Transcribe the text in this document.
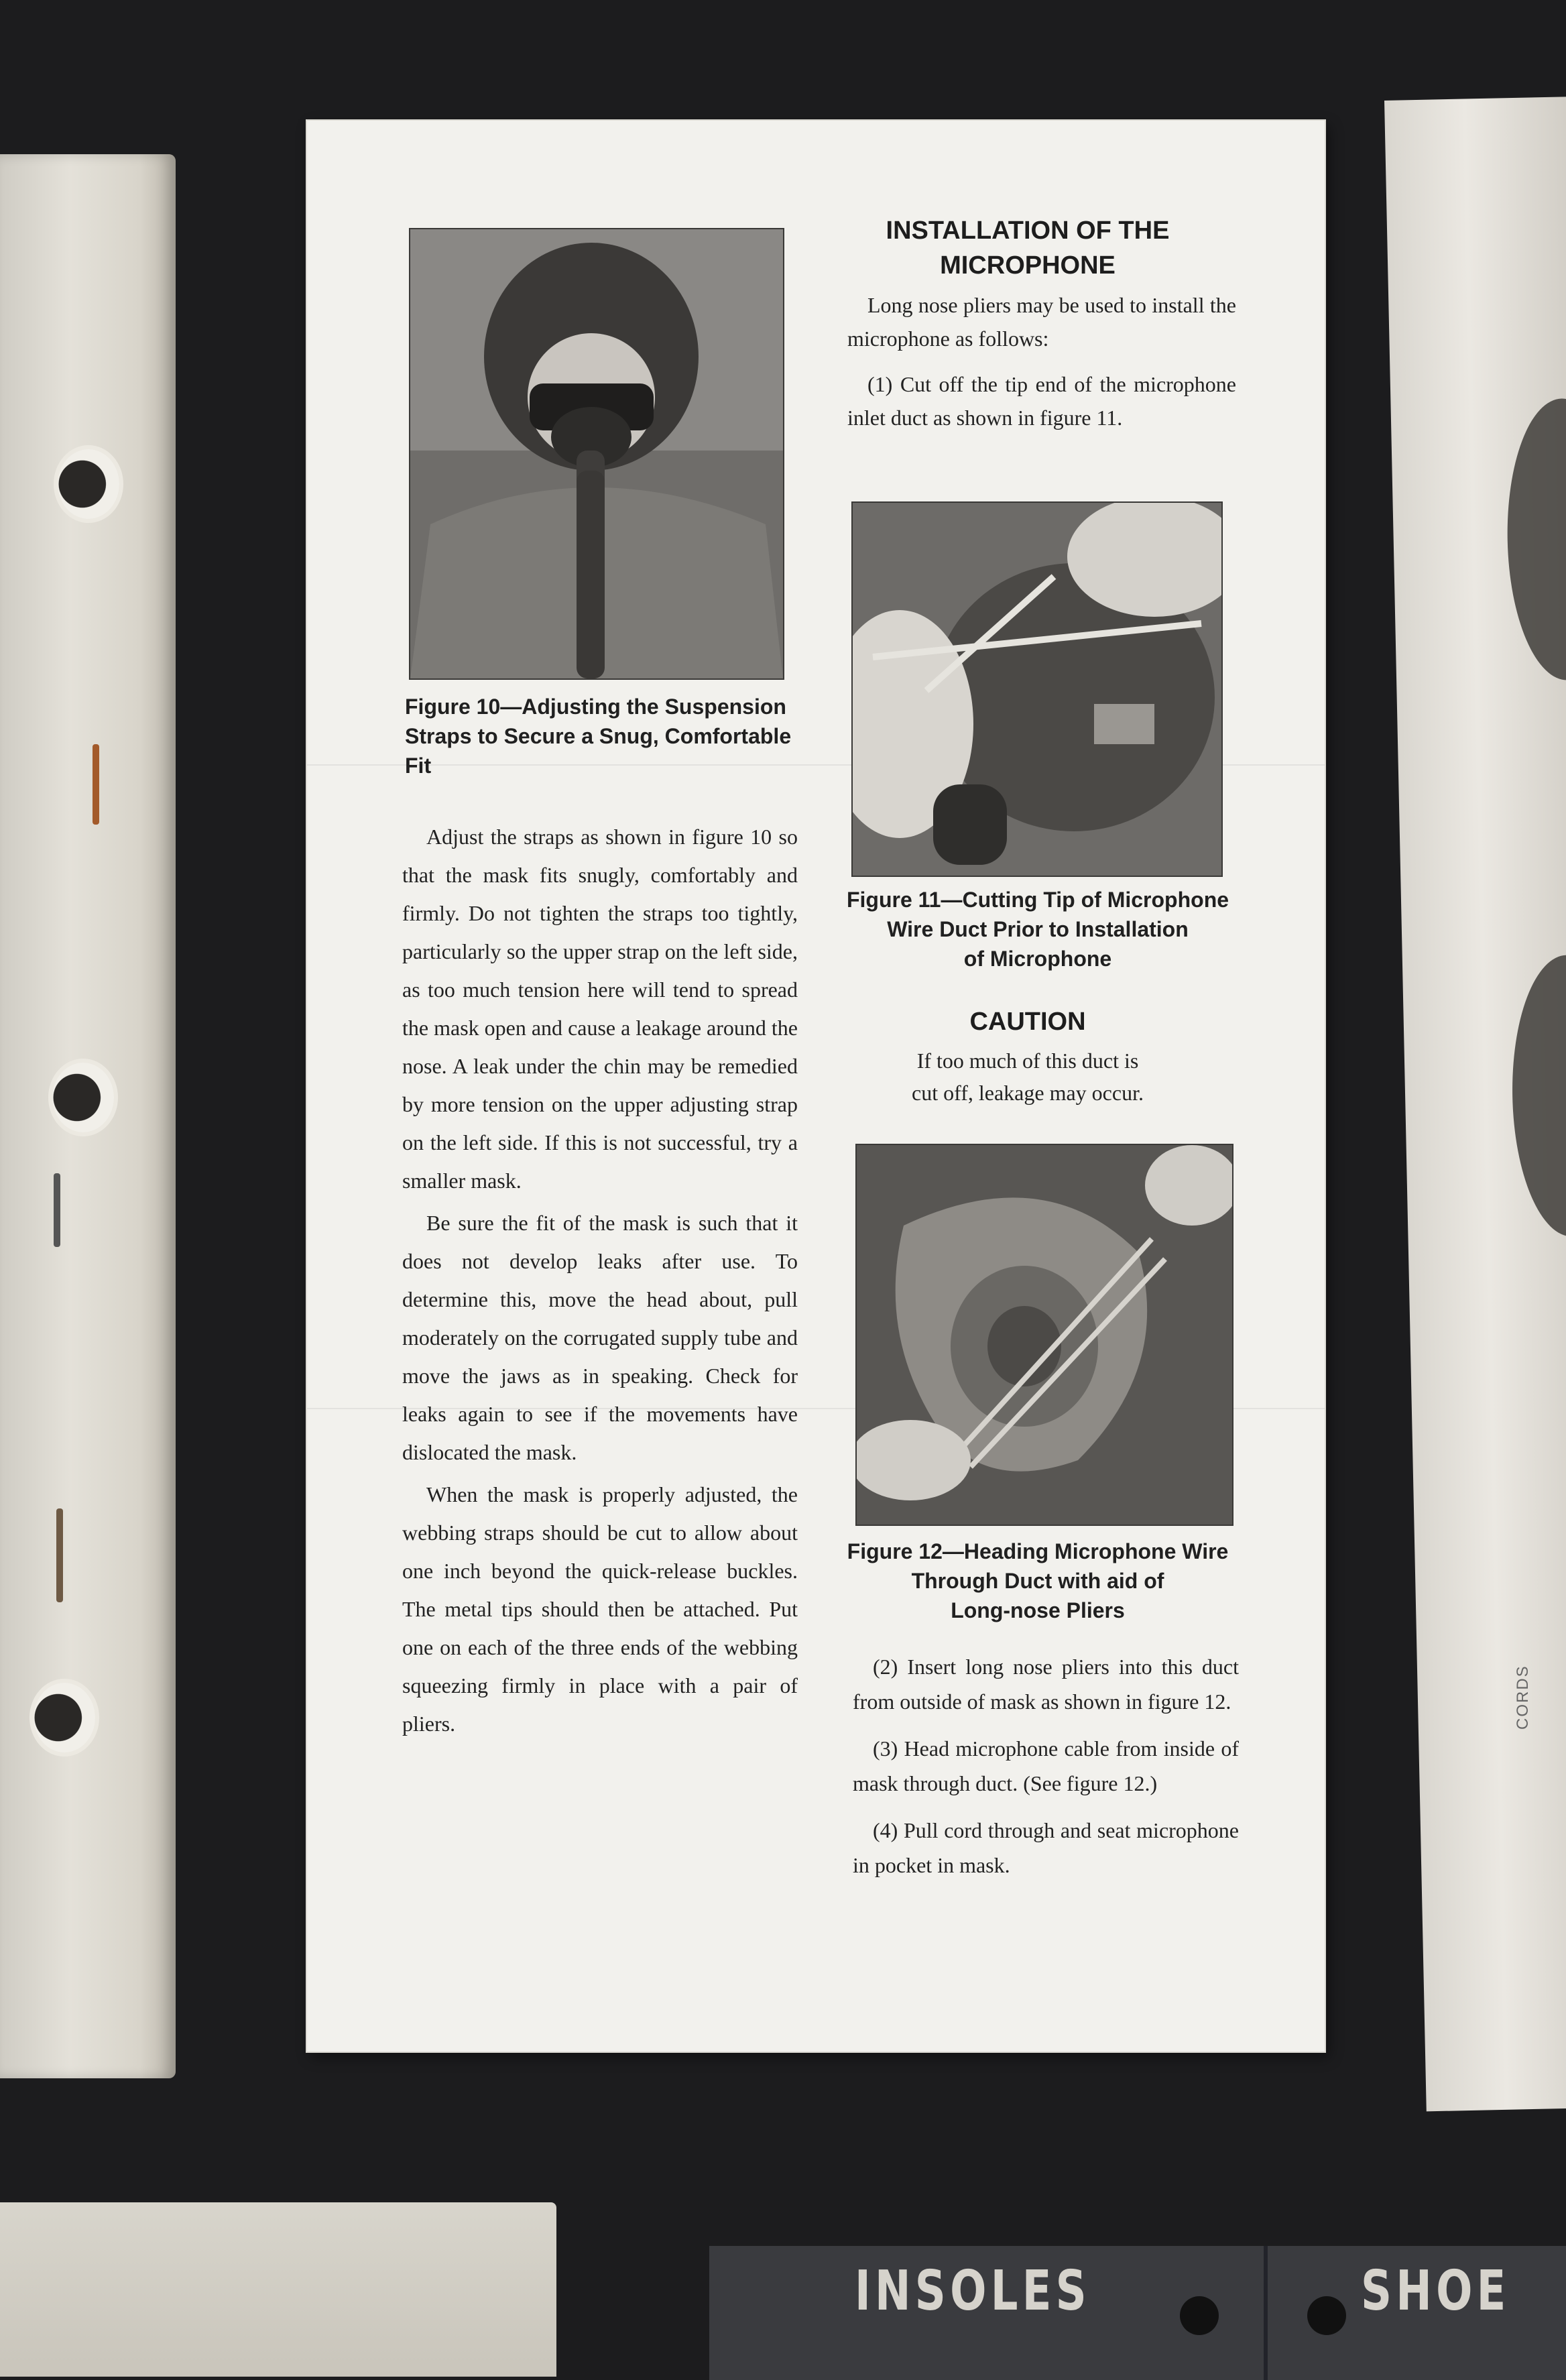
CORDS
INSOLES	SHOE
Figure 10—Adjusting the Suspension
Straps to Secure a Snug, Comfortable Fit

Adjust the straps as shown in figure 10 so that the mask fits snugly, comfortably and firmly. Do not tighten the straps too tightly, particularly so the upper strap on the left side, as too much tension here will tend to spread the mask open and cause a leakage around the nose. A leak under the chin may be remedied by more tension on the upper adjusting strap on the left side. If this is not successful, try a smaller mask.

Be sure the fit of the mask is such that it does not develop leaks after use. To determine this, move the head about, pull moderately on the corrugated supply tube and move the jaws as in speaking. Check for leaks again to see if the movements have dislocated the mask.

When the mask is properly adjusted, the webbing straps should be cut to allow about one inch beyond the quick-release buckles. The metal tips should then be attached. Put one on each of the three ends of the webbing squeezing firmly in place with a pair of pliers.

INSTALLATION OF THE
MICROPHONE

Long nose pliers may be used to install the microphone as follows:

(1) Cut off the tip end of the microphone inlet duct as shown in figure 11.

Figure 11—Cutting Tip of Microphone
Wire Duct Prior to Installation
of Microphone
CAUTION
If too much of this duct is
cut off, leakage may occur.
Figure 12—Heading Microphone Wire
Through Duct with aid of
Long-nose Pliers

(2) Insert long nose pliers into this duct from outside of mask as shown in figure 12.

(3) Head microphone cable from inside of mask through duct. (See figure 12.)

(4) Pull cord through and seat microphone in pocket in mask.
